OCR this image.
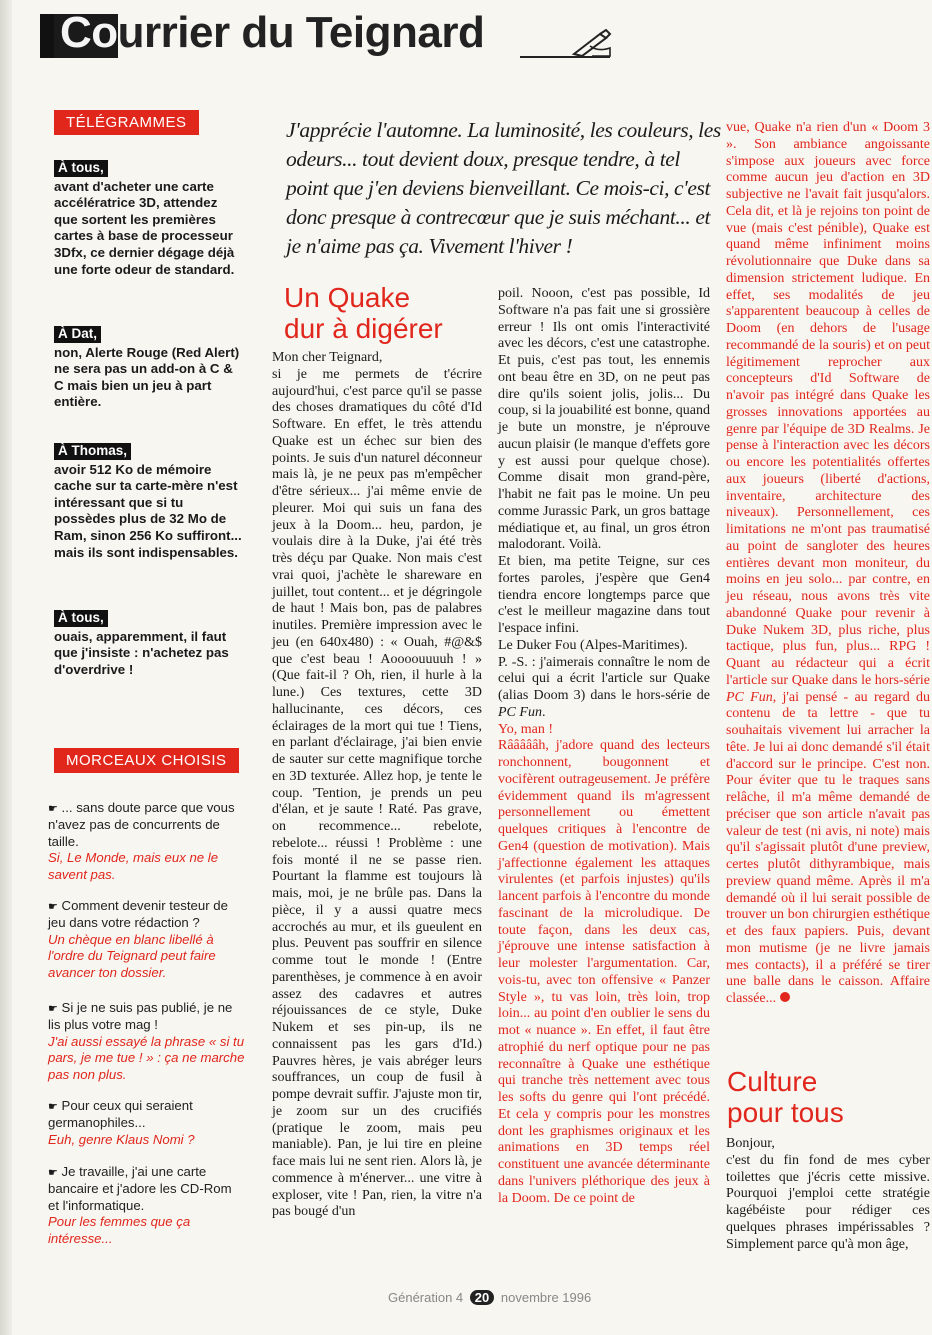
Courrier du Teignard
TÉLÉGRAMMES
À tous,
avant d'acheter une carte accélératrice 3D, attendez que sortent les premières cartes à base de processeur 3Dfx, ce dernier dégage déjà une forte odeur de standard.
À Dat,
non, Alerte Rouge (Red Alert) ne sera pas un add-on à C & C mais bien un jeu à part entière.
À Thomas,
avoir 512 Ko de mémoire cache sur ta carte-mère n'est intéressant que si tu possèdes plus de 32 Mo de Ram, sinon 256 Ko suffiront... mais ils sont indispensables.
À tous,
ouais, apparemment, il faut que j'insiste : n'achetez pas d'overdrive !
MORCEAUX CHOISIS
☛ ... sans doute parce que vous n'avez pas de concurrents de taille.
Si, Le Monde, mais eux ne le savent pas.
☛ Comment devenir testeur de jeu dans votre rédaction ?
Un chèque en blanc libellé à l'ordre du Teignard peut faire avancer ton dossier.
☛ Si je ne suis pas publié, je ne lis plus votre mag !
J'ai aussi essayé la phrase « si tu pars, je me tue ! » : ça ne marche pas non plus.
☛ Pour ceux qui seraient germanophiles...
Euh, genre Klaus Nomi ?
☛ Je travaille, j'ai une carte bancaire et j'adore les CD-Rom et l'informatique.
Pour les femmes que ça intéresse...
J'apprécie l'automne. La luminosité, les couleurs, les odeurs... tout devient doux, presque tendre, à tel point que j'en deviens bienveillant. Ce mois-ci, c'est donc presque à contrecœur que je suis méchant... et je n'aime pas ça. Vivement l'hiver !
Un Quake
dur à digérer

Mon cher Teignard,

si je me permets de t'écrire aujourd'hui, c'est parce qu'il se passe des choses dramatiques du côté d'Id Software. En effet, le très attendu Quake est un échec sur bien des points. Je suis d'un naturel déconneur mais là, je ne peux pas m'empêcher d'être sérieux... j'ai même envie de pleurer. Moi qui suis un fana des jeux à la Doom... heu, pardon, je voulais dire à la Duke, j'ai été très très déçu par Quake. Non mais c'est vrai quoi, j'achète le shareware en juillet, tout content... et je dégringole de haut ! Mais bon, pas de palabres inutiles. Première impression avec le jeu (en 640x480) : « Ouah, #@&$ que c'est beau ! Aoooouuuuh ! » (Que fait-il ? Oh, rien, il hurle à la lune.) Ces textures, cette 3D hallucinante, ces décors, ces éclairages de la mort qui tue ! Tiens, en parlant d'éclairage, j'ai bien envie de sauter sur cette magnifique torche en 3D texturée. Allez hop, je tente le coup. 'Tention, je prends un peu d'élan, et je saute ! Raté. Pas grave, on recommence... rebelote, rebelote... réussi ! Problème : une fois monté il ne se passe rien. Pourtant la flamme est toujours là mais, moi, je ne brûle pas. Dans la pièce, il y a aussi quatre mecs accrochés au mur, et ils gueulent en plus. Peuvent pas souffrir en silence comme tout le monde ! (Entre parenthèses, je commence à en avoir assez des cadavres et autres réjouissances de ce style, Duke Nukem et ses pin-up, ils ne connaissent pas les gars d'Id.) Pauvres hères, je vais abréger leurs souffrances, un coup de fusil à pompe devrait suffir. J'ajuste mon tir, je zoom sur un des crucifiés (pratique le zoom, mais peu maniable). Pan, je lui tire en pleine face mais lui ne sent rien. Alors là, je commence à m'énerver... une vitre à exploser, vite ! Pan, rien, la vitre n'a pas bougé d'un

poil. Nooon, c'est pas possible, Id Software n'a pas fait une si grossière erreur ! Ils ont omis l'interactivité avec les décors, c'est une catastrophe. Et puis, c'est pas tout, les ennemis ont beau être en 3D, on ne peut pas dire qu'ils soient jolis, jolis... Du coup, si la jouabilité est bonne, quand je bute un monstre, je n'éprouve aucun plaisir (le manque d'effets gore y est aussi pour quelque chose). Comme disait mon grand-père, l'habit ne fait pas le moine. Un peu comme Jurassic Park, un gros battage médiatique et, au final, un gros étron malodorant. Voilà.

Et bien, ma petite Teigne, sur ces fortes paroles, j'espère que Gen4 tiendra encore longtemps parce que c'est le meilleur magazine dans tout l'espace infini.

Le Duker Fou (Alpes-Maritimes).

P. -S. : j'aimerais connaître le nom de celui qui a écrit l'article sur Quake (alias Doom 3) dans le hors-série de PC Fun.

Yo, man !

Râââââh, j'adore quand des lecteurs ronchonnent, bougonnent et vocifèrent outrageusement. Je préfère évidemment quand ils m'agressent personnellement ou émettent quelques critiques à l'encontre de Gen4 (question de motivation). Mais j'affectionne également les attaques virulentes (et parfois injustes) qu'ils lancent parfois à l'encontre du monde fascinant de la microludique. De toute façon, dans les deux cas, j'éprouve une intense satisfaction à leur molester l'argumentation. Car, vois-tu, avec ton offensive « Panzer Style », tu vas loin, très loin, trop loin... au point d'en oublier le sens du mot « nuance ». En effet, il faut être atrophié du nerf optique pour ne pas reconnaître à Quake une esthétique qui tranche très nettement avec tous les softs du genre qui l'ont précédé. Et cela y compris pour les monstres dont les graphismes originaux et les animations en 3D temps réel constituent une avancée déterminante dans l'univers pléthorique des jeux à la Doom. De ce point de

vue, Quake n'a rien d'un « Doom 3 ». Son ambiance angoissante s'impose aux joueurs avec force comme aucun jeu d'action en 3D subjective ne l'avait fait jusqu'alors. Cela dit, et là je rejoins ton point de vue (mais c'est pénible), Quake est quand même infiniment moins révolutionnaire que Duke dans sa dimension strictement ludique. En effet, ses modalités de jeu s'apparentent beaucoup à celles de Doom (en dehors de l'usage recommandé de la souris) et on peut légitimement reprocher aux concepteurs d'Id Software de n'avoir pas intégré dans Quake les grosses innovations apportées au genre par l'équipe de 3D Realms. Je pense à l'interaction avec les décors ou encore les potentialités offertes aux joueurs (liberté d'actions, inventaire, architecture des niveaux). Personnellement, ces limitations ne m'ont pas traumatisé au point de sangloter des heures entières devant mon moniteur, du moins en jeu solo... par contre, en jeu réseau, nous avons très vite abandonné Quake pour revenir à Duke Nukem 3D, plus riche, plus tactique, plus fun, plus... RPG ! Quant au rédacteur qui a écrit l'article sur Quake dans le hors-série PC Fun, j'ai pensé - au regard du contenu de ta lettre - que tu souhaitais vivement lui arracher la tête. Je lui ai donc demandé s'il était d'accord sur le principe. C'est non. Pour éviter que tu le traques sans relâche, il m'a même demandé de préciser que son article n'avait pas valeur de test (ni avis, ni note) mais qu'il s'agissait plutôt d'une preview, certes plutôt dithyrambique, mais preview quand même. Après il m'a demandé où il lui serait possible de trouver un bon chirurgien esthétique et des faux papiers. Puis, devant mon mutisme (je ne livre jamais mes contacts), il a préféré se tirer une balle dans le caisson. Affaire classée...

Culture
pour tous

Bonjour,

c'est du fin fond de mes cyber toilettes que j'écris cette missive. Pourquoi j'emploi cette stratégie kagébéiste pour rédiger ces quelques phrases impérissables ? Simplement parce qu'à mon âge,

Génération 4 20 novembre 1996
